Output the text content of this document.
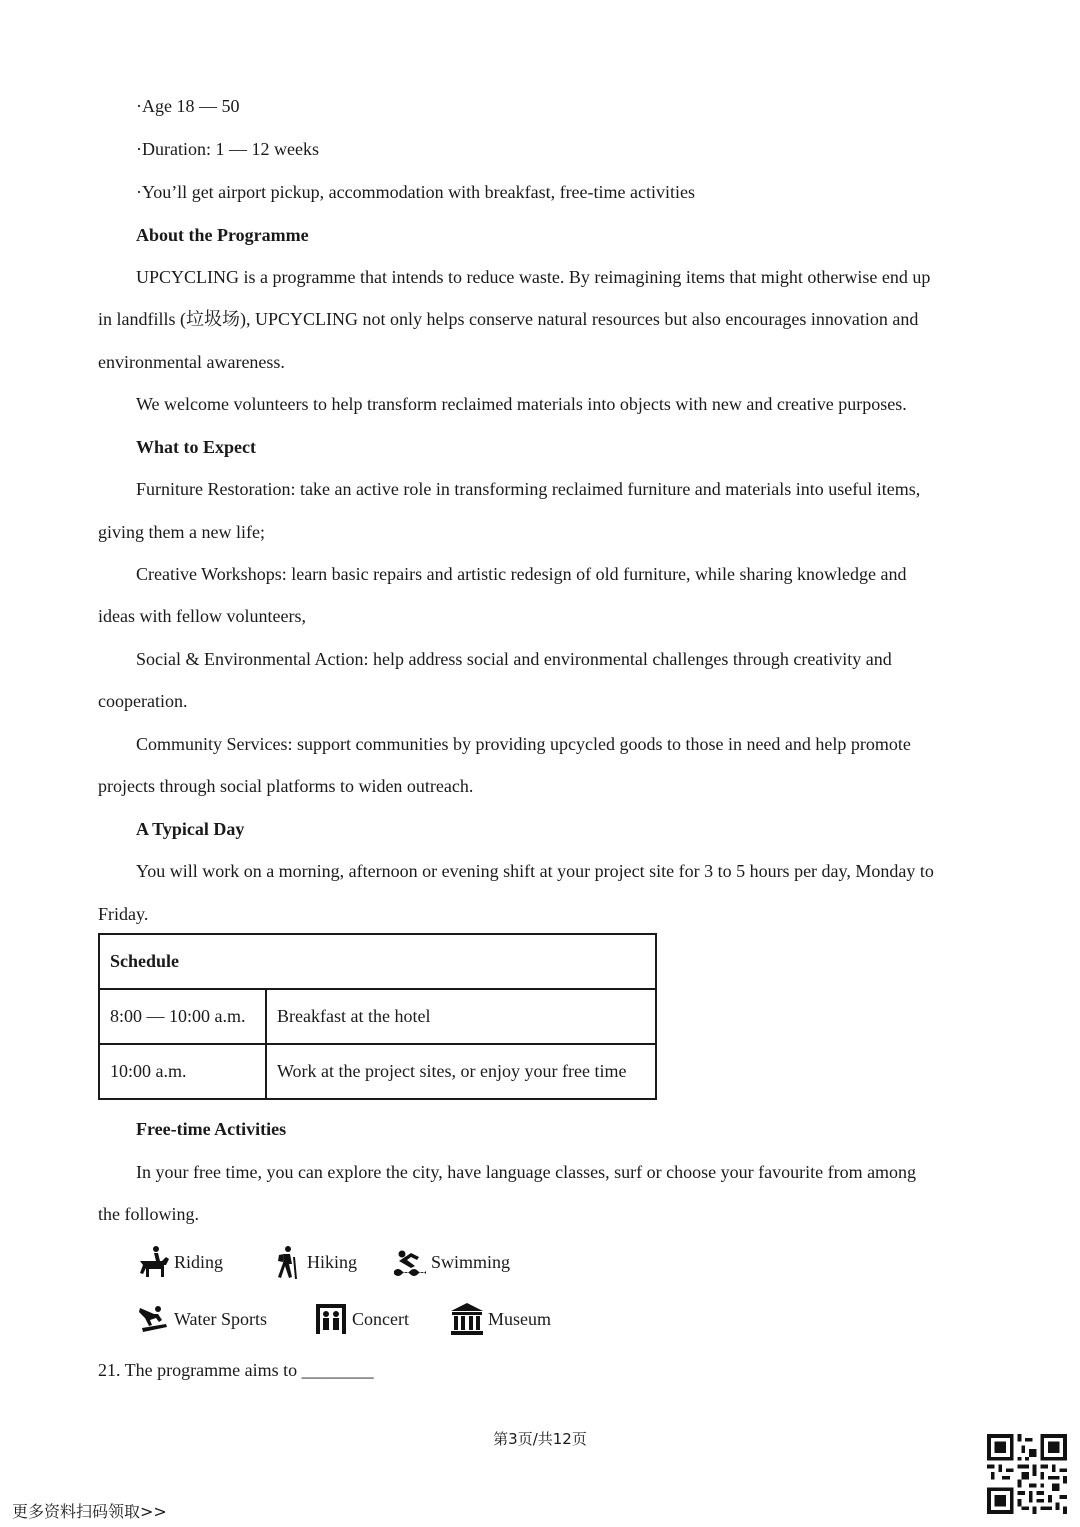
·Age 18 — 50
·Duration: 1 — 12 weeks
·You’ll get airport pickup, accommodation with breakfast, free-time activities
About the Programme
UPCYCLING is a programme that intends to reduce waste. By reimagining items that might otherwise end up
in landfills (垃圾场), UPCYCLING not only helps conserve natural resources but also encourages innovation and
environmental awareness.
We welcome volunteers to help transform reclaimed materials into objects with new and creative purposes.
What to Expect
Furniture Restoration: take an active role in transforming reclaimed furniture and materials into useful items,
giving them a new life;
Creative Workshops: learn basic repairs and artistic redesign of old furniture, while sharing knowledge and
ideas with fellow volunteers,
Social & Environmental Action: help address social and environmental challenges through creativity and
cooperation.
Community Services: support communities by providing upcycled goods to those in need and help promote
projects through social platforms to widen outreach.
A Typical Day
You will work on a morning, afternoon or evening shift at your project site for 3 to 5 hours per day, Monday to
Friday.
Schedule	
8:00 — 10:00 a.m.	Breakfast at the hotel
10:00 a.m.	Work at the project sites, or enjoy your free time
Free-time Activities
In your free time, you can explore the city, have language classes, surf or choose your favourite from among
the following.
Riding	Hiking	Swimming
Water Sports	Concert	Museum
21. The programme aims to ________
第3页/共12页
更多资料扫码领取>>
